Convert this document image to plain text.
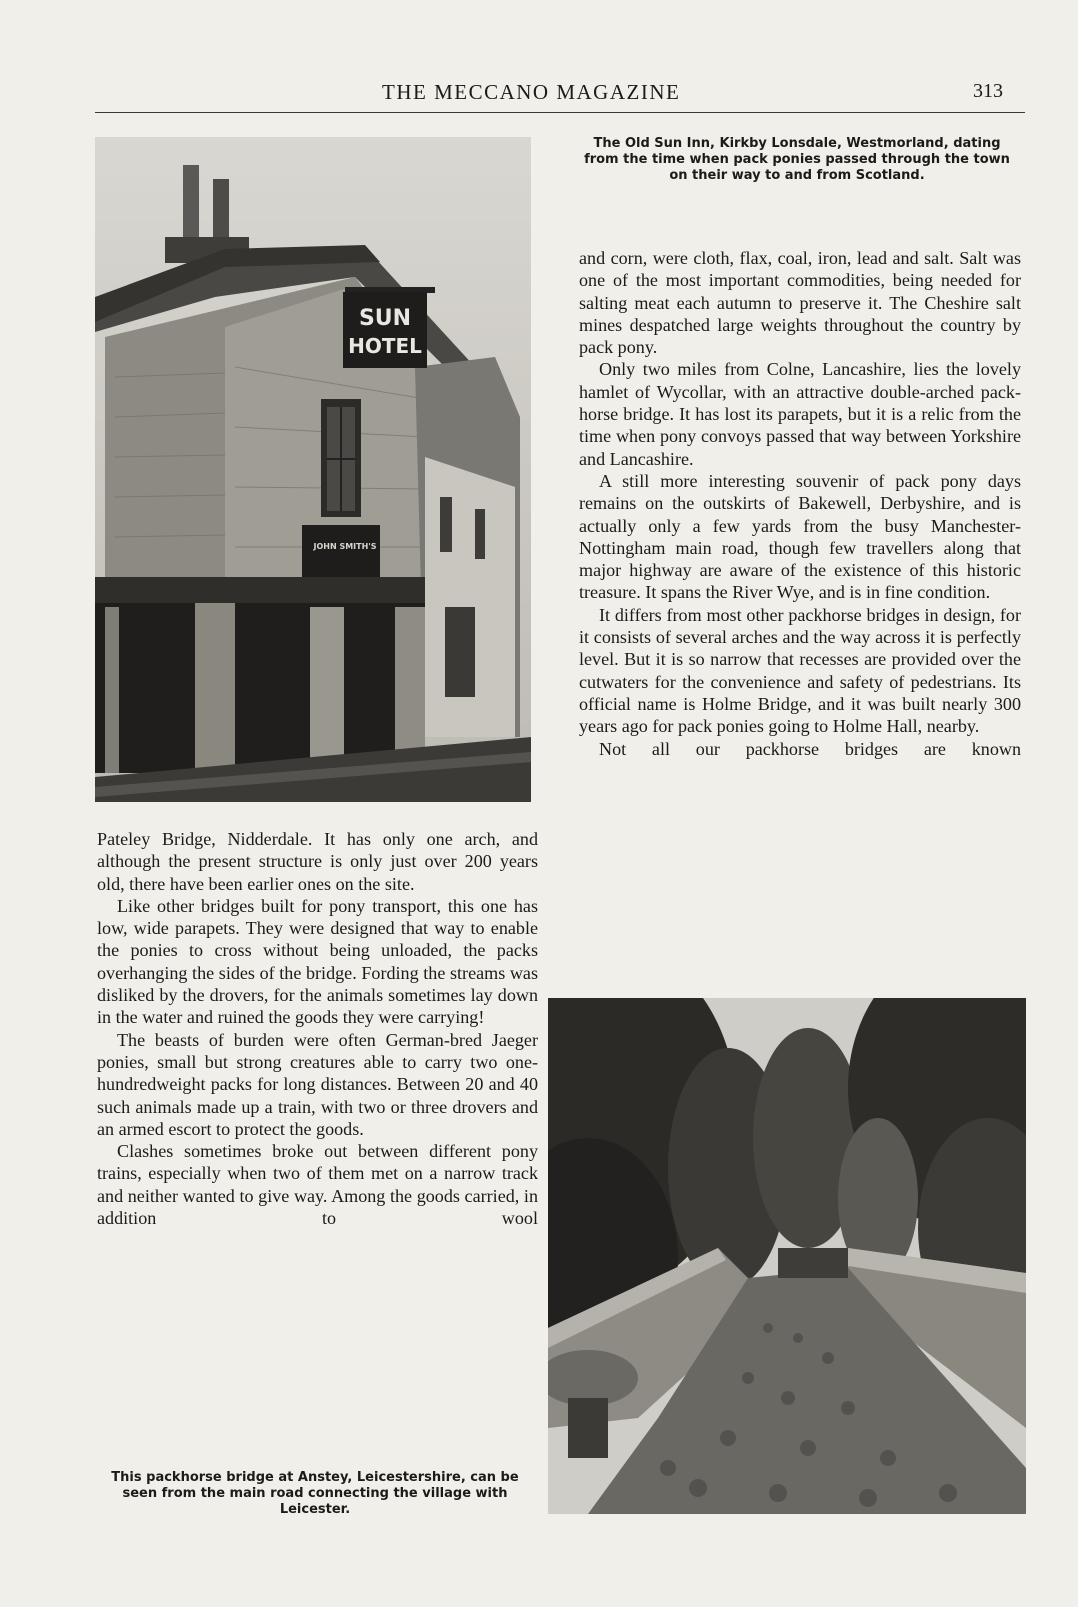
THE MECCANO MAGAZINE	313
SUN
HOTEL
JOHN SMITH'S
The Old Sun Inn, Kirkby Lonsdale, Westmorland, dating from the time when pack ponies passed through the town on their way to and from Scotland.

Pateley Bridge, Nidderdale. It has only one arch, and although the present structure is only just over 200 years old, there have been earlier ones on the site.

Like other bridges built for pony transport, this one has low, wide parapets. They were designed that way to enable the ponies to cross without being unloaded, the packs overhanging the sides of the bridge. Fording the streams was disliked by the drovers, for the animals sometimes lay down in the water and ruined the goods they were carrying!

The beasts of burden were often German-bred Jaeger ponies, small but strong creatures able to carry two one-hundredweight packs for long distances. Between 20 and 40 such animals made up a train, with two or three drovers and an armed escort to protect the goods.

Clashes sometimes broke out between different pony trains, especially when two of them met on a narrow track and neither wanted to give way. Among the goods carried, in addition to wool

and corn, were cloth, flax, coal, iron, lead and salt. Salt was one of the most important commodities, being needed for salting meat each autumn to preserve it. The Cheshire salt mines despatched large weights throughout the country by pack pony.

Only two miles from Colne, Lancashire, lies the lovely hamlet of Wycollar, with an attractive double-arched pack-horse bridge. It has lost its parapets, but it is a relic from the time when pony convoys passed that way between Yorkshire and Lancashire.

A still more interesting souvenir of pack pony days remains on the outskirts of Bakewell, Derbyshire, and is actually only a few yards from the busy Manchester-Nottingham main road, though few travellers along that major highway are aware of the existence of this historic treasure. It spans the River Wye, and is in fine condition.

It differs from most other packhorse bridges in design, for it consists of several arches and the way across it is perfectly level. But it is so narrow that recesses are provided over the cutwaters for the convenience and safety of pedestrians. Its official name is Holme Bridge, and it was built nearly 300 years ago for pack ponies going to Holme Hall, nearby.

Not all our packhorse bridges are known

This packhorse bridge at Anstey, Leicestershire, can be seen from the main road connecting the village with Leicester.
